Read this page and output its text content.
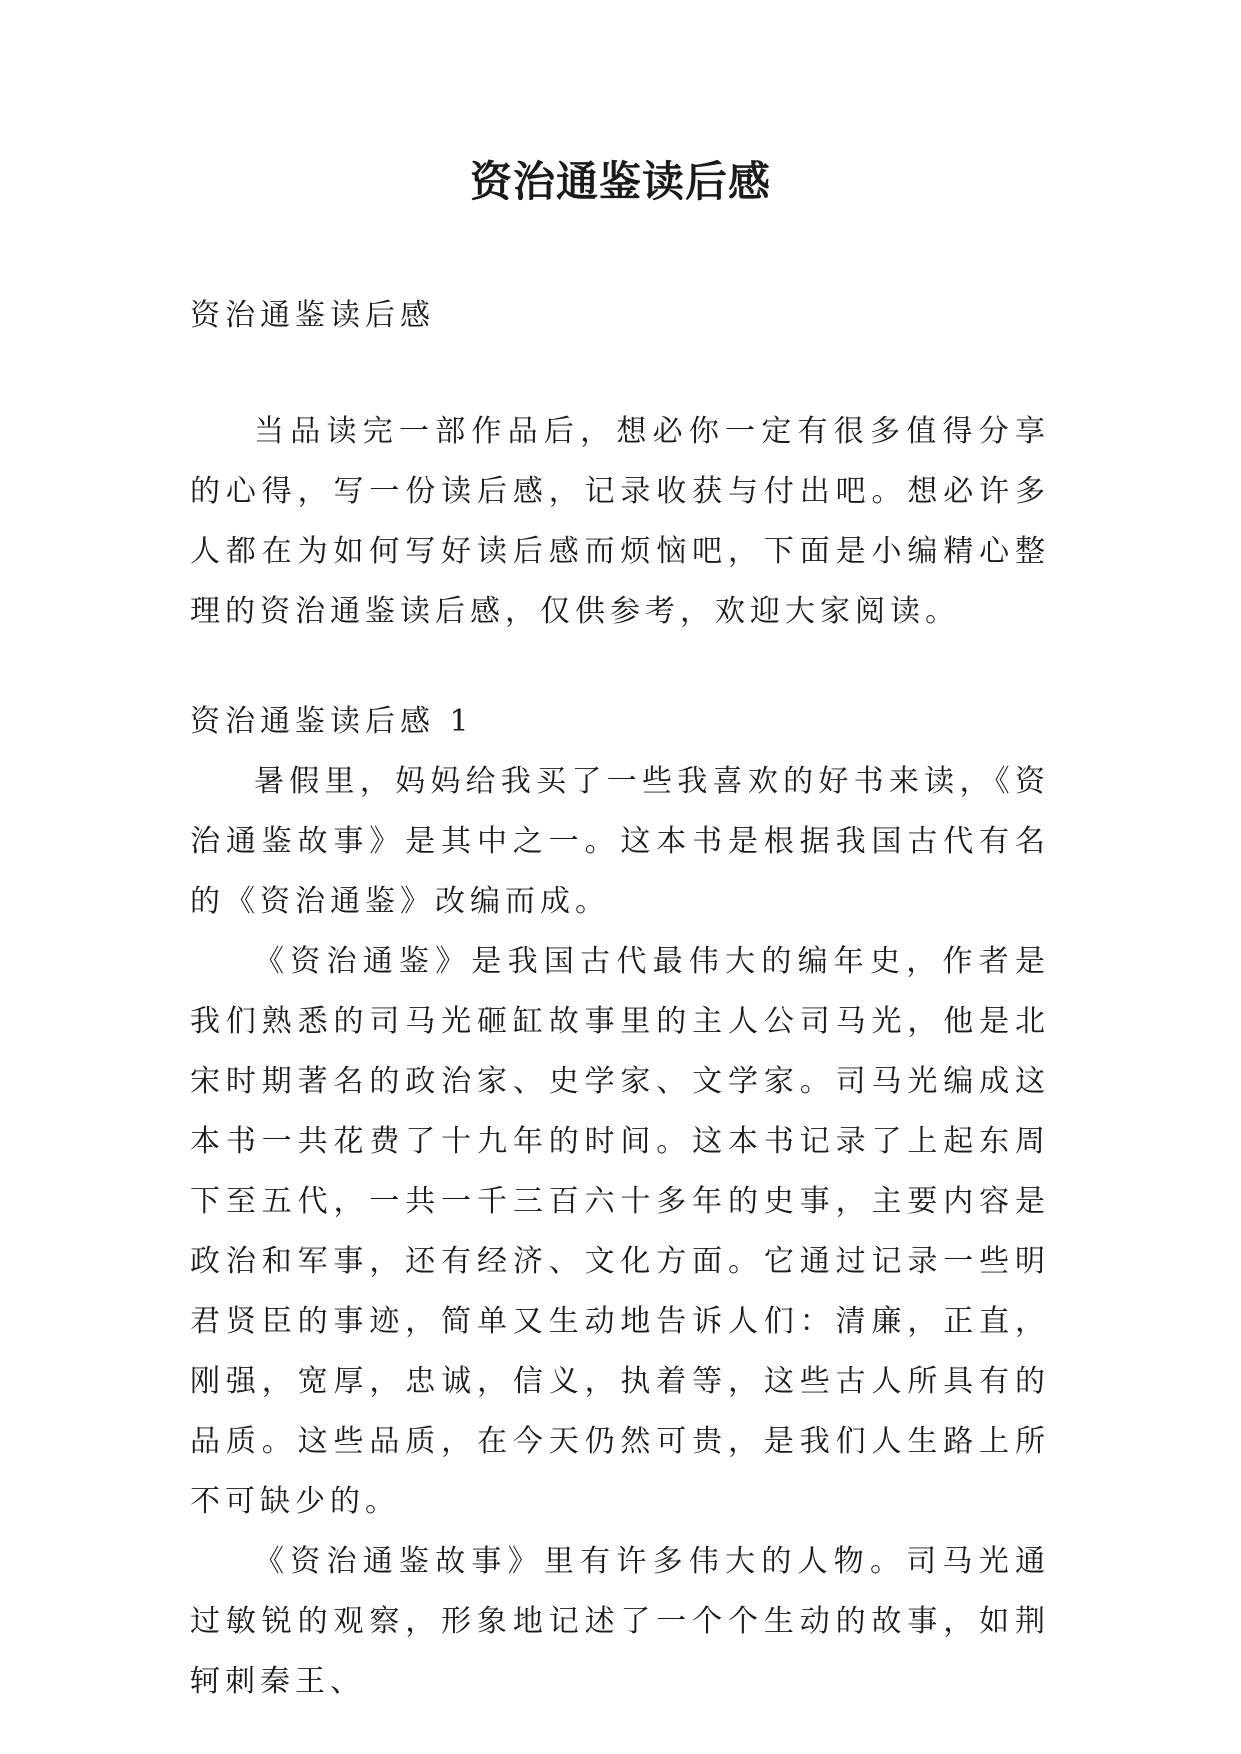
资治通鉴读后感
资治通鉴读后感

当品读完一部作品后，想必你一定有很多值得分享的心得，写一份读后感，记录收获与付出吧。想必许多人都在为如何写好读后感而烦恼吧，下面是小编精心整理的资治通鉴读后感，仅供参考，欢迎大家阅读。

资治通鉴读后感 1

暑假里，妈妈给我买了一些我喜欢的好书来读，《资治通鉴故事》是其中之一。这本书是根据我国古代有名的《资治通鉴》改编而成。

《资治通鉴》是我国古代最伟大的编年史，作者是我们熟悉的司马光砸缸故事里的主人公司马光，他是北宋时期著名的政治家、史学家、文学家。司马光编成这本书一共花费了十九年的时间。这本书记录了上起东周下至五代，一共一千三百六十多年的史事，主要内容是政治和军事，还有经济、文化方面。它通过记录一些明君贤臣的事迹，简单又生动地告诉人们：清廉，正直，刚强，宽厚，忠诚，信义，执着等，这些古人所具有的品质。这些品质，在今天仍然可贵，是我们人生路上所不可缺少的。

《资治通鉴故事》里有许多伟大的人物。司马光通过敏锐的观察，形象地记述了一个个生动的故事，如荆轲刺秦王、
